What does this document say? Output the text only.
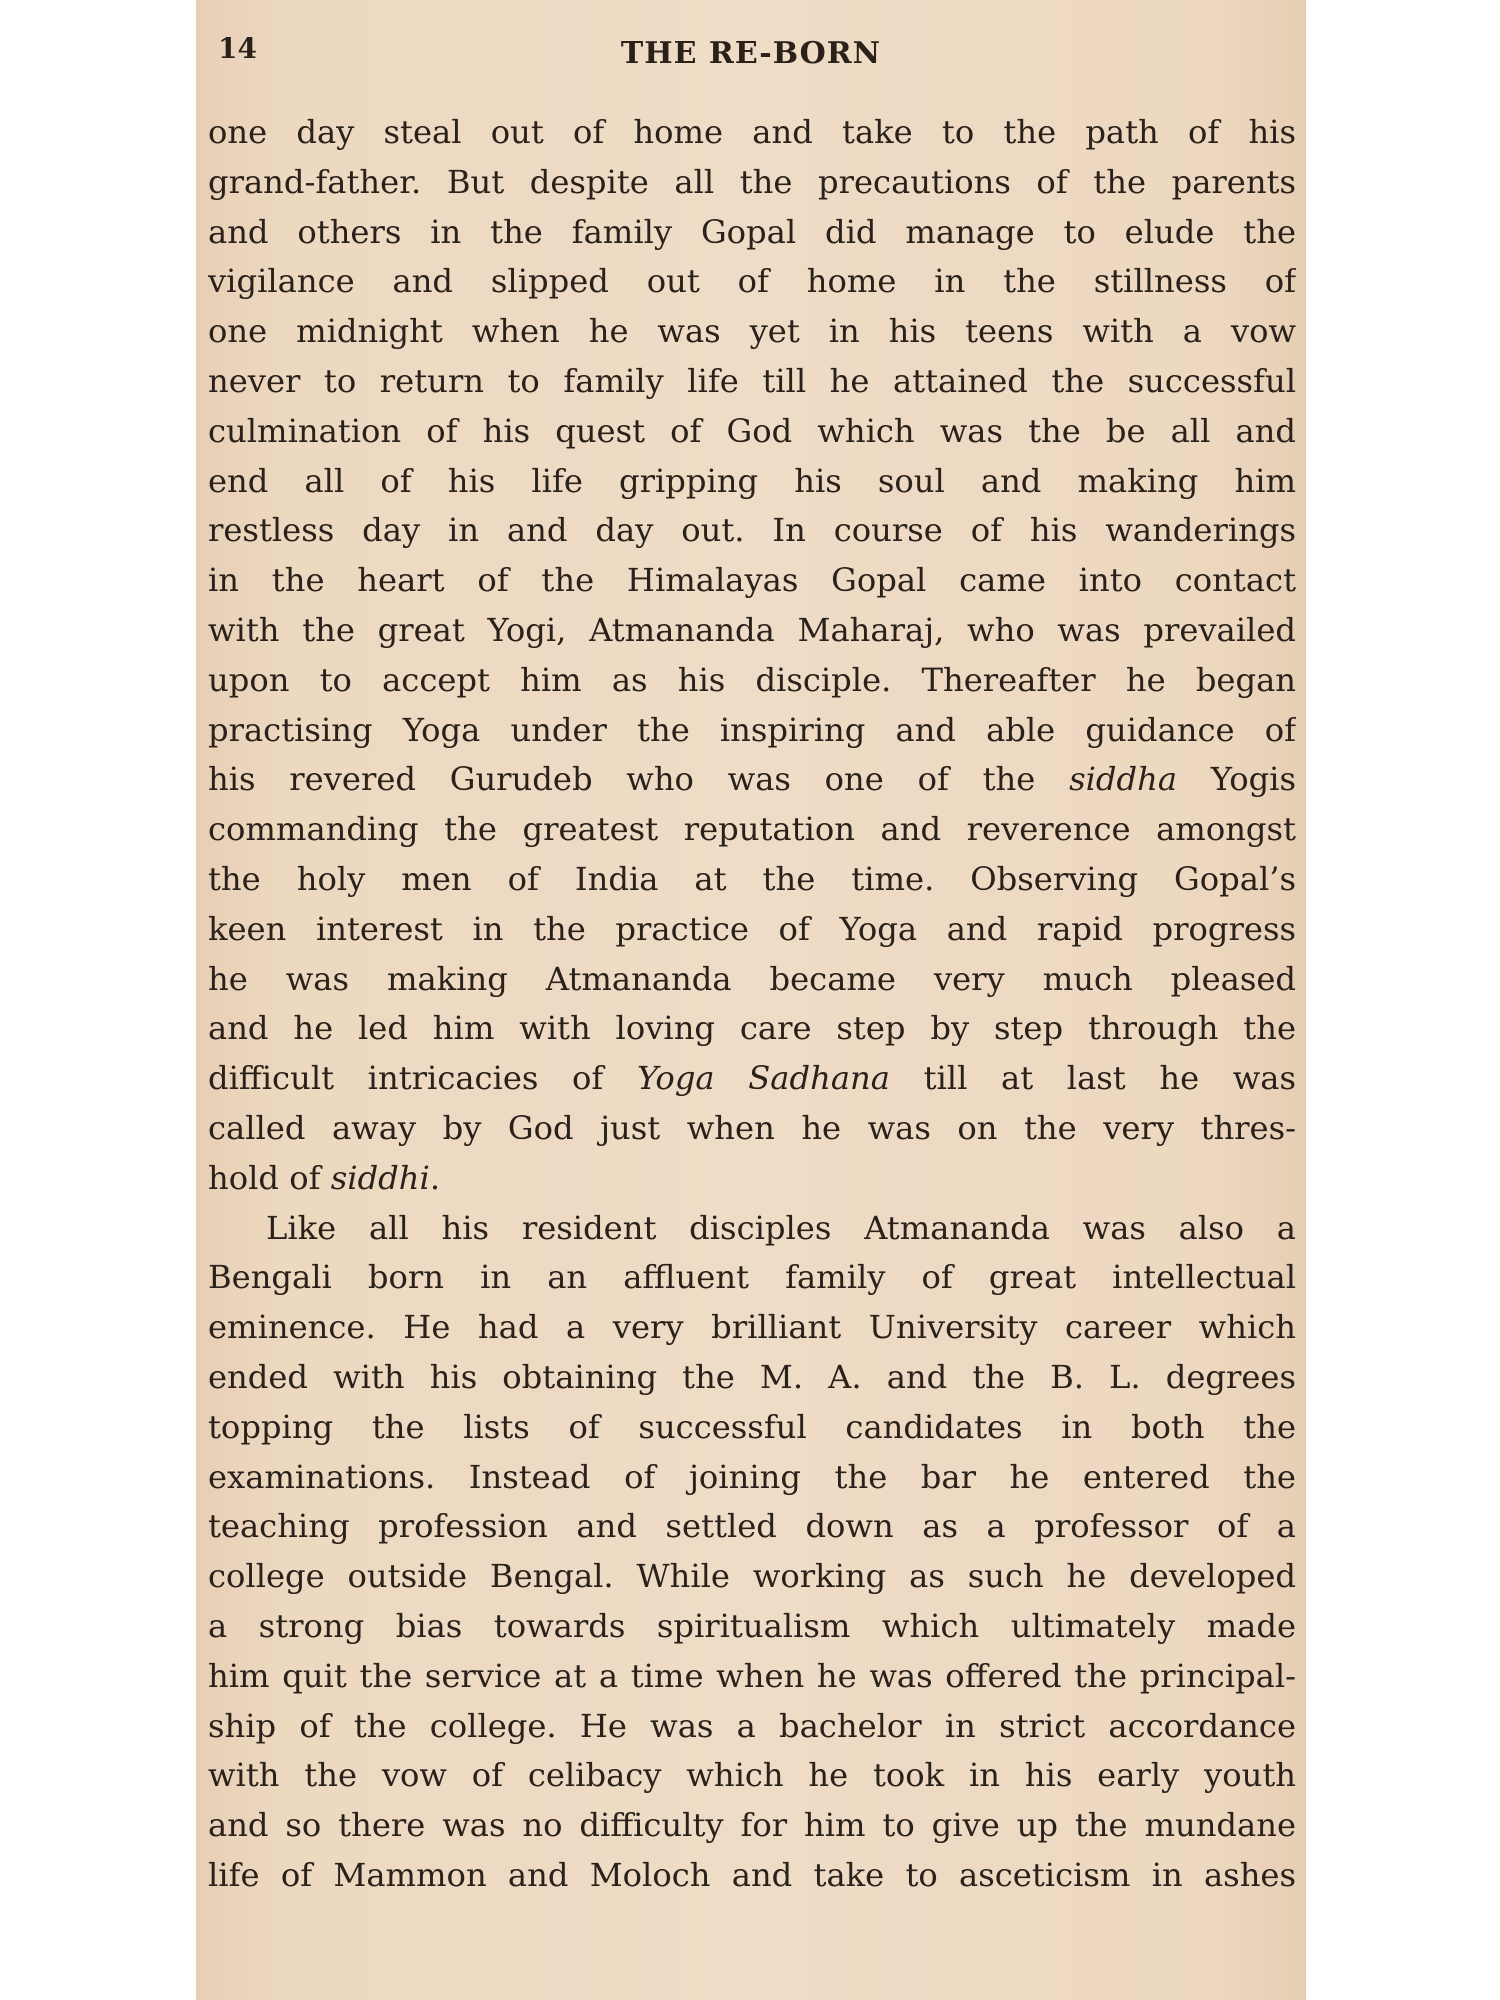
14	THE RE-BORN
one day steal out of home and take to the path of his
grand-father. But despite all the precautions of the parents
and others in the family Gopal did manage to elude the
vigilance and slipped out of home in the stillness of
one midnight when he was yet in his teens with a vow
never to return to family life till he attained the successful
culmination of his quest of God which was the be all and
end all of his life gripping his soul and making him
restless day in and day out. In course of his wanderings
in the heart of the Himalayas Gopal came into contact
with the great Yogi, Atmananda Maharaj, who was prevailed
upon to accept him as his disciple. Thereafter he began
practising Yoga under the inspiring and able guidance of
his revered Gurudeb who was one of the siddha Yogis
commanding the greatest reputation and reverence amongst
the holy men of India at the time. Observing Gopal’s
keen interest in the practice of Yoga and rapid progress
he was making Atmananda became very much pleased
and he led him with loving care step by step through the
difficult intricacies of Yoga Sadhana till at last he was
called away by God just when he was on the very thres-
hold of siddhi.
Like all his resident disciples Atmananda was also a
Bengali born in an affluent family of great intellectual
eminence. He had a very brilliant University career which
ended with his obtaining the M. A. and the B. L. degrees
topping the lists of successful candidates in both the
examinations. Instead of joining the bar he entered the
teaching profession and settled down as a professor of a
college outside Bengal. While working as such he developed
a strong bias towards spiritualism which ultimately made
him quit the service at a time when he was offered the principal-
ship of the college. He was a bachelor in strict accordance
with the vow of celibacy which he took in his early youth
and so there was no difficulty for him to give up the mundane
life of Mammon and Moloch and take to asceticism in ashes
